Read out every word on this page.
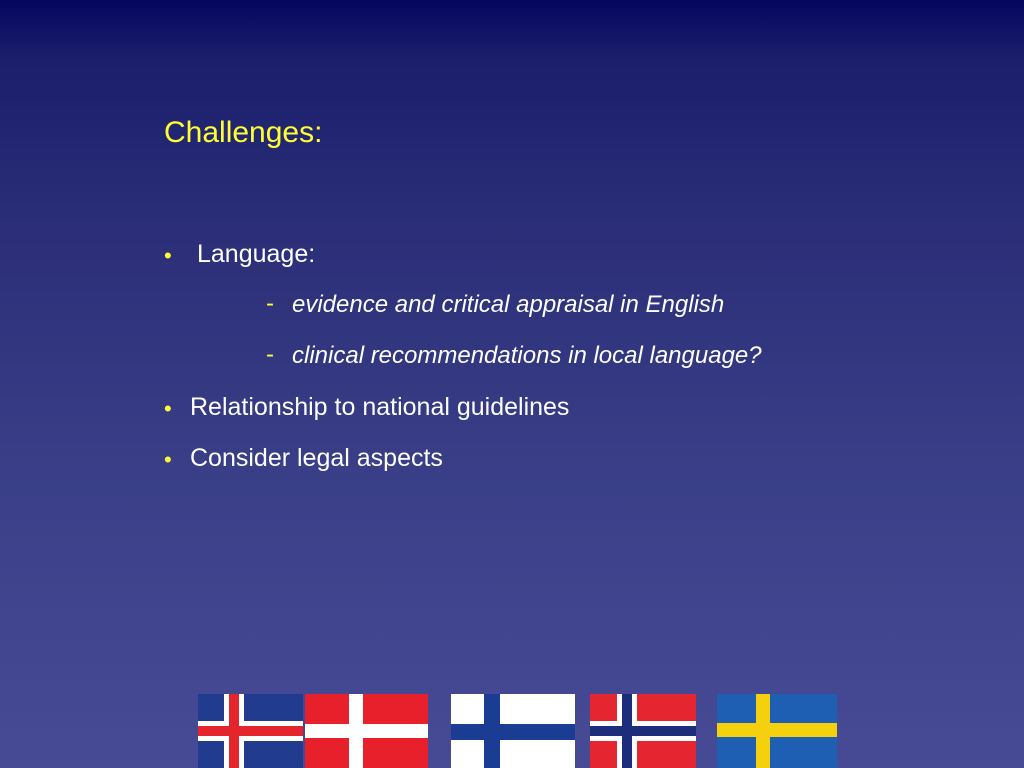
Challenges:
• Language:
- evidence and critical appraisal in English
- clinical recommendations in local language?
• Relationship to national guidelines
• Consider legal aspects
